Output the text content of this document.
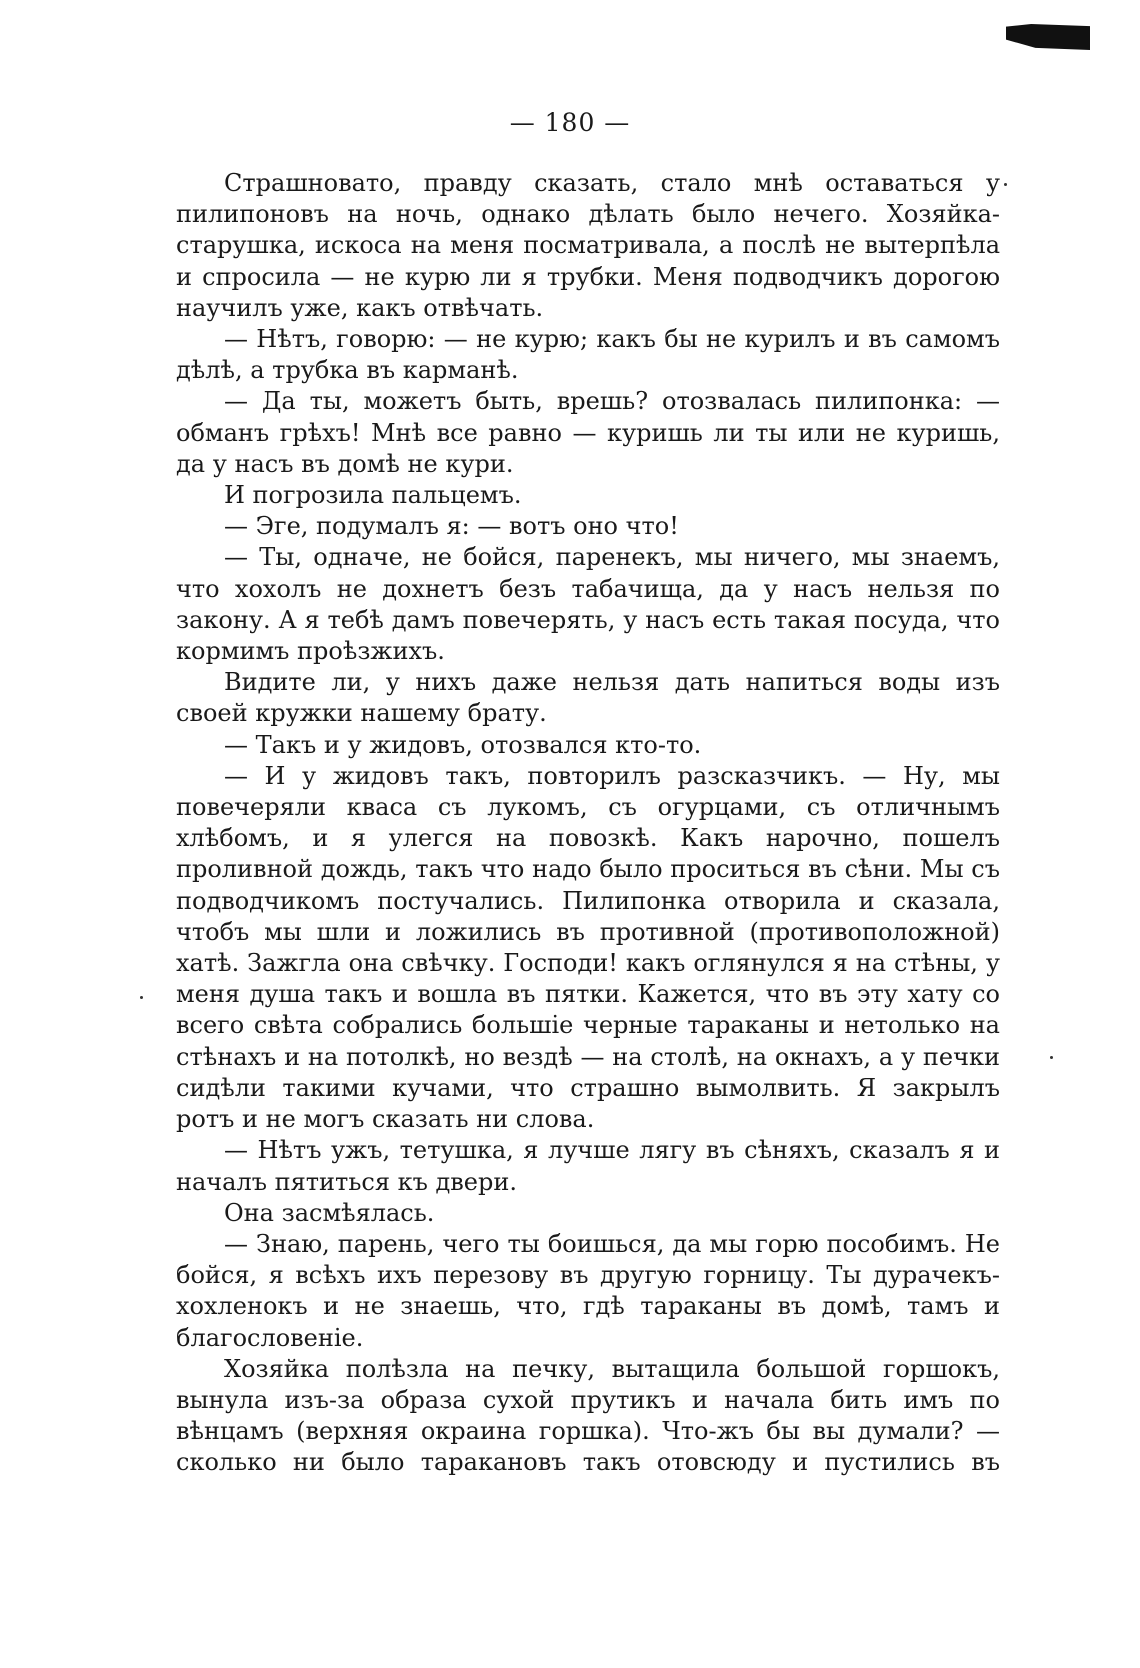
— 180 —

Страшновато, правду сказать, стало мнѣ оставаться у пилипоновъ на ночь, однако дѣлать было нечего. Хозяйка-старушка, искоса на меня посматривала, а послѣ не вытерпѣла и спросила — не курю ли я трубки. Меня подводчикъ дорогою научилъ уже, какъ отвѣчать.

— Нѣтъ, говорю: — не курю; какъ бы не курилъ и въ самомъ дѣлѣ, а трубка въ карманѣ.

— Да ты, можетъ быть, врешь? отозвалась пилипонка: — обманъ грѣхъ! Мнѣ все равно — куришь ли ты или не куришь, да у насъ въ домѣ не кури.

И погрозила пальцемъ.

— Эге, подумалъ я: — вотъ оно что!

— Ты, одначе, не бойся, паренекъ, мы ничего, мы знаемъ, что хохолъ не дохнетъ безъ табачища, да у насъ нельзя по закону. А я тебѣ дамъ повечерять, у насъ есть такая посуда, что кормимъ проѣзжихъ.

Видите ли, у нихъ даже нельзя дать напиться воды изъ своей кружки нашему брату.

— Такъ и у жидовъ, отозвался кто-то.

— И у жидовъ такъ, повторилъ разсказчикъ. — Ну, мы повечеряли кваса съ лукомъ, съ огурцами, съ отличнымъ хлѣбомъ, и я улегся на повозкѣ. Какъ нарочно, пошелъ проливной дождь, такъ что надо было проситься въ сѣни. Мы съ подводчикомъ постучались. Пилипонка отворила и сказала, чтобъ мы шли и ложились въ противной (противоположной) хатѣ. Зажгла она свѣчку. Господи! какъ оглянулся я на стѣны, у меня душа такъ и вошла въ пятки. Кажется, что въ эту хату со всего свѣта собрались большіе черные тараканы и нетолько на стѣнахъ и на потолкѣ, но вездѣ — на столѣ, на окнахъ, а у печки сидѣли такими кучами, что страшно вымолвить. Я закрылъ ротъ и не могъ сказать ни слова.

— Нѣтъ ужъ, тетушка, я лучше лягу въ сѣняхъ, сказалъ я и началъ пятиться къ двери.

Она засмѣялась.

— Знаю, парень, чего ты боишься, да мы горю пособимъ. Не бойся, я всѣхъ ихъ перезову въ другую горницу. Ты дурачекъ-хохленокъ и не знаешь, что, гдѣ тараканы въ домѣ, тамъ и благословеніе.

Хозяйка полѣзла на печку, вытащила большой горшокъ, вынула изъ-за образа сухой прутикъ и начала бить имъ по вѣнцамъ (верхняя окраина горшка). Что-жъ бы вы думали? — сколько ни было таракановъ такъ отовсюду и пустились въ
